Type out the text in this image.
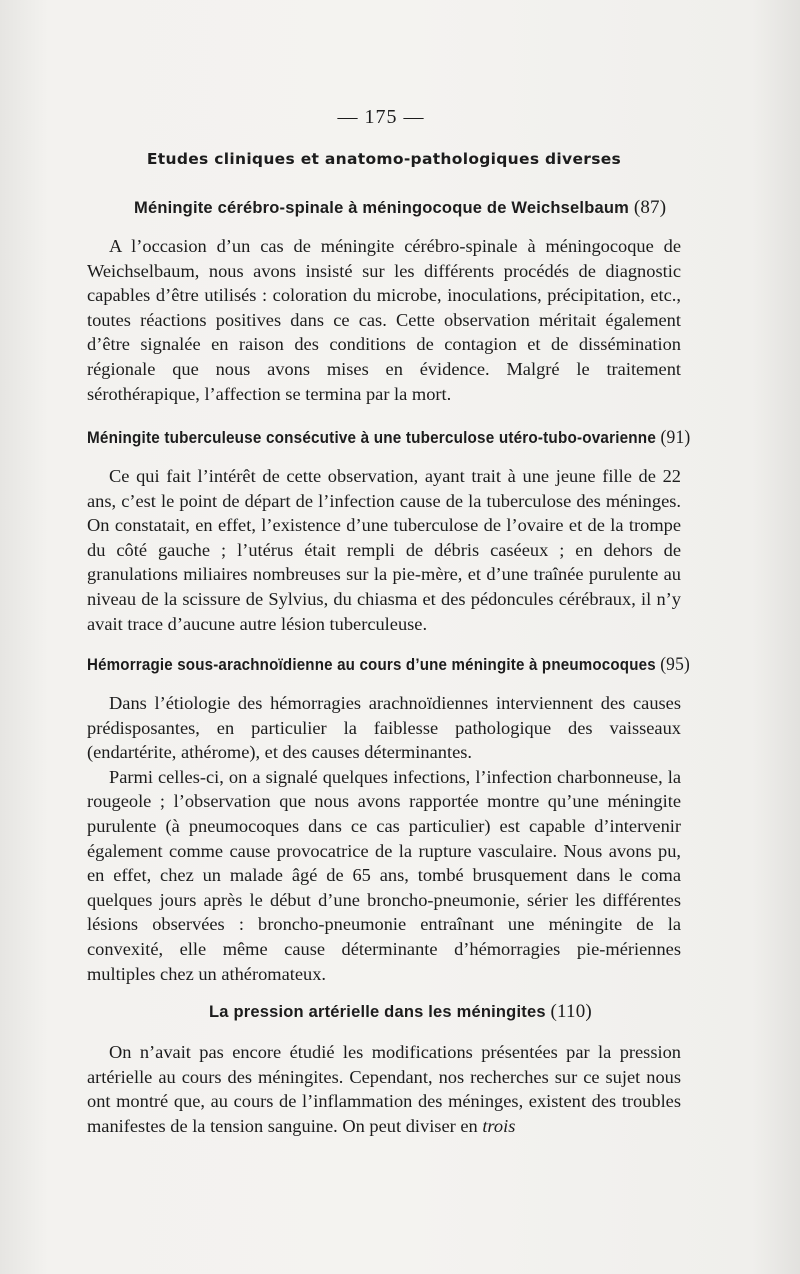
— 175 —
Etudes cliniques et anatomo-pathologiques diverses
Méningite cérébro-spinale à méningocoque de Weichselbaum (87)

A l’occasion d’un cas de méningite cérébro-spinale à méningocoque de Weichselbaum, nous avons insisté sur les différents procédés de diagnostic capables d’être utilisés : coloration du microbe, inoculations, précipitation, etc., toutes réactions positives dans ce cas. Cette observation méritait également d’être signalée en raison des conditions de contagion et de dissémination régionale que nous avons mises en évidence. Malgré le traitement sérothérapique, l’affection se termina par la mort.

Méningite tuberculeuse consécutive à une tuberculose utéro-tubo-ovarienne (91)

Ce qui fait l’intérêt de cette observation, ayant trait à une jeune fille de 22 ans, c’est le point de départ de l’infection cause de la tuberculose des méninges. On constatait, en effet, l’existence d’une tuberculose de l’ovaire et de la trompe du côté gauche ; l’utérus était rempli de débris caséeux ; en dehors de granulations miliaires nombreuses sur la pie-mère, et d’une traînée purulente au niveau de la scissure de Sylvius, du chiasma et des pédoncules cérébraux, il n’y avait trace d’aucune autre lésion tuberculeuse.

Hémorragie sous-arachnoïdienne au cours d’une méningite à pneumocoques (95)

Dans l’étiologie des hémorragies arachnoïdiennes interviennent des causes prédisposantes, en particulier la faiblesse pathologique des vaisseaux (endartérite, athérome), et des causes déterminantes.

Parmi celles-ci, on a signalé quelques infections, l’infection charbonneuse, la rougeole ; l’observation que nous avons rapportée montre qu’une méningite purulente (à pneumocoques dans ce cas particulier) est capable d’intervenir également comme cause provocatrice de la rupture vasculaire. Nous avons pu, en effet, chez un malade âgé de 65 ans, tombé brusquement dans le coma quelques jours après le début d’une broncho-pneumonie, sérier les différentes lésions observées : broncho-pneumonie entraînant une méningite de la convexité, elle même cause déterminante d’hémorragies pie-mériennes multiples chez un athéromateux.

La pression artérielle dans les méningites (110)

On n’avait pas encore étudié les modifications présentées par la pression artérielle au cours des méningites. Cependant, nos recherches sur ce sujet nous ont montré que, au cours de l’inflammation des méninges, existent des troubles manifestes de la tension sanguine. On peut diviser en trois
